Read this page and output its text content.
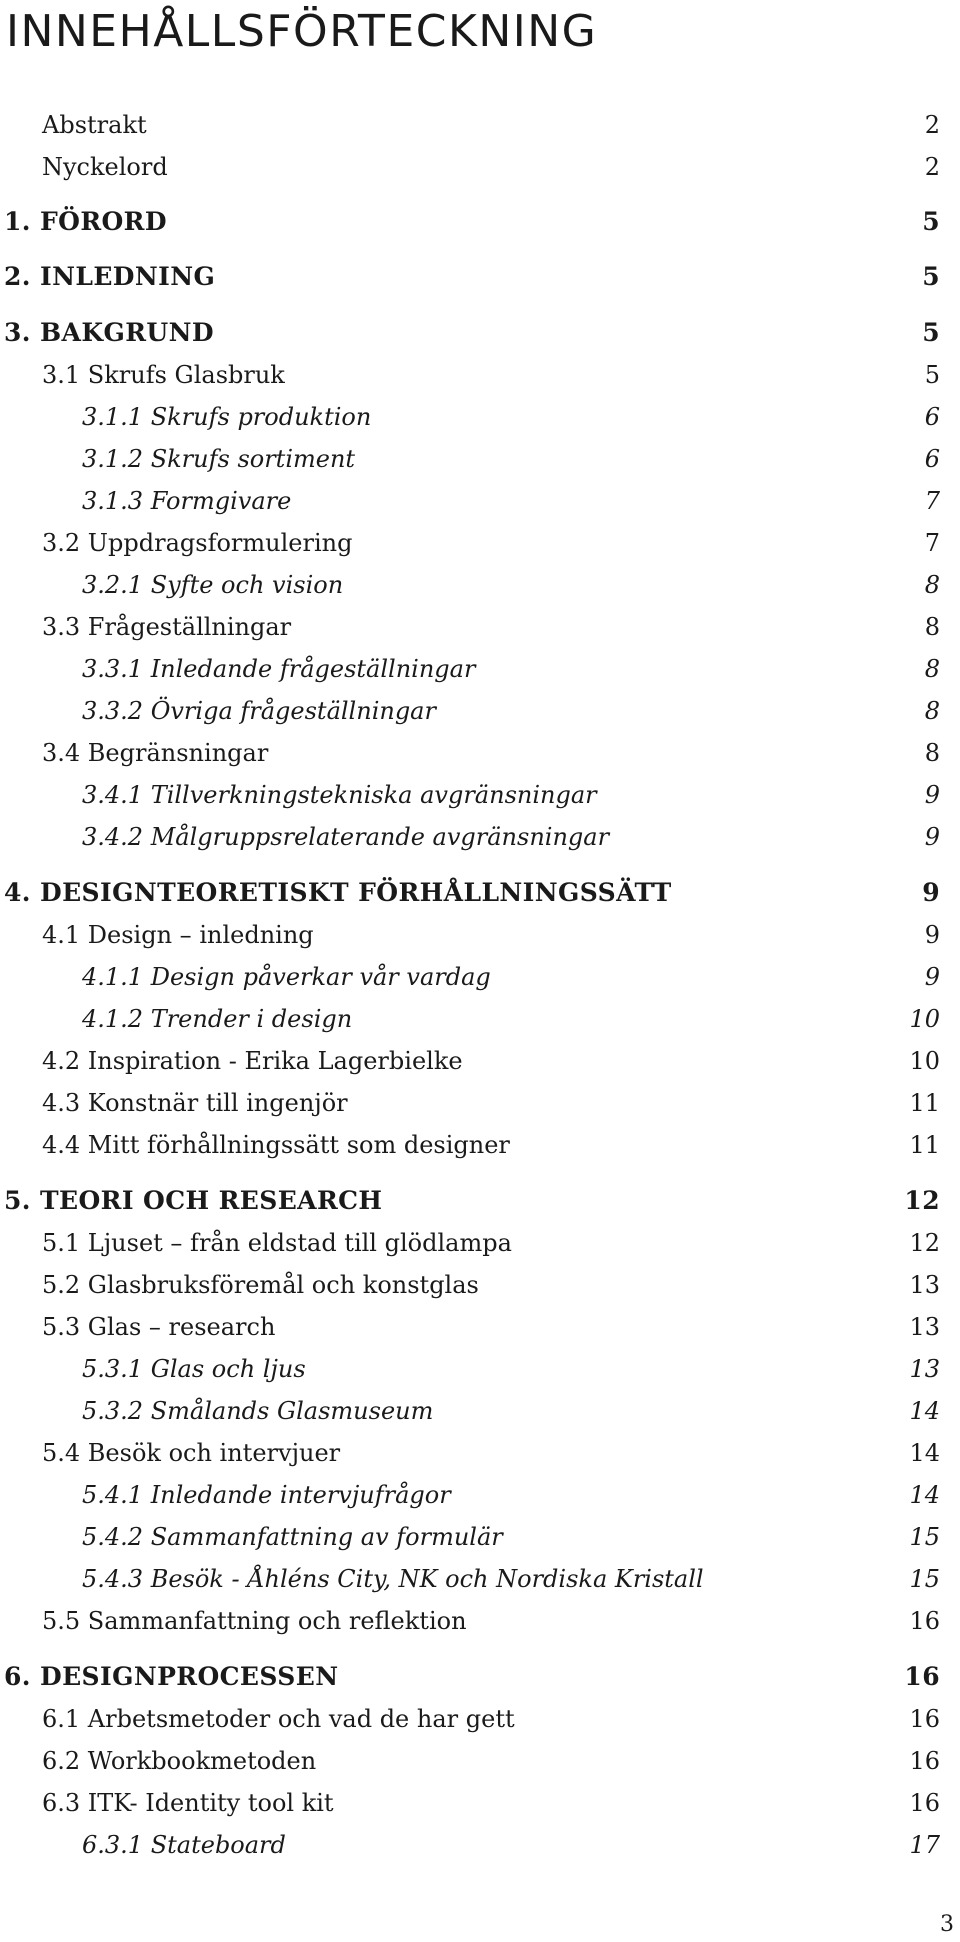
INNEHÅLLSFÖRTECKNING
Abstrakt	2
Nyckelord	2
1. FÖRORD	5
2. INLEDNING	5
3. BAKGRUND	5
3.1 Skrufs Glasbruk	5
3.1.1 Skrufs produktion	6
3.1.2 Skrufs sortiment	6
3.1.3 Formgivare	7
3.2 Uppdragsformulering	7
3.2.1 Syfte och vision	8
3.3 Frågeställningar	8
3.3.1 Inledande frågeställningar	8
3.3.2 Övriga frågeställningar	8
3.4 Begränsningar	8
3.4.1 Tillverkningstekniska avgränsningar	9
3.4.2 Målgruppsrelaterande avgränsningar	9
4. DESIGNTEORETISKT FÖRHÅLLNINGSSÄTT	9
4.1 Design – inledning	9
4.1.1 Design påverkar vår vardag	9
4.1.2 Trender i design	10
4.2 Inspiration - Erika Lagerbielke	10
4.3 Konstnär till ingenjör	11
4.4 Mitt förhållningssätt som designer	11
5. TEORI OCH RESEARCH	12
5.1 Ljuset – från eldstad till glödlampa	12
5.2 Glasbruksföremål och konstglas	13
5.3 Glas – research	13
5.3.1 Glas och ljus	13
5.3.2 Smålands Glasmuseum	14
5.4 Besök och intervjuer	14
5.4.1 Inledande intervjufrågor	14
5.4.2 Sammanfattning av formulär	15
5.4.3 Besök - Åhléns City, NK och Nordiska Kristall	15
5.5 Sammanfattning och reflektion	16
6. DESIGNPROCESSEN	16
6.1 Arbetsmetoder och vad de har gett	16
6.2 Workbookmetoden	16
6.3 ITK- Identity tool kit	16
6.3.1 Stateboard	17
3
